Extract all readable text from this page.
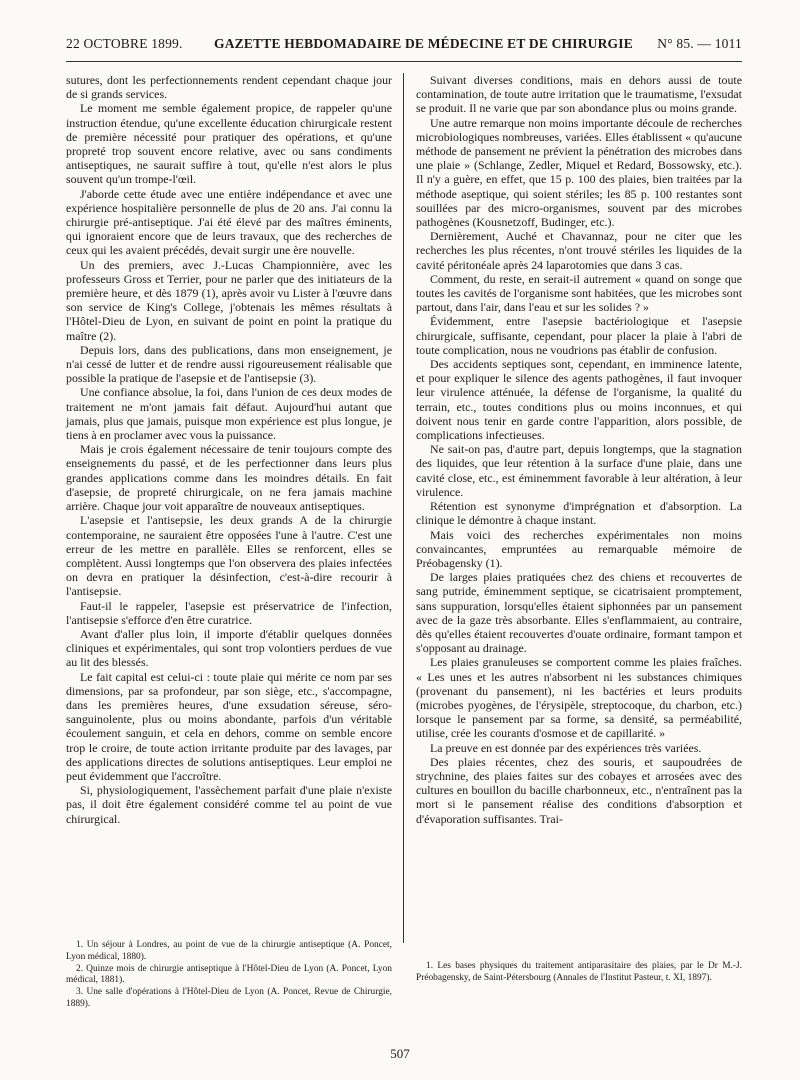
22 OCTOBRE 1899. GAZETTE HEBDOMADAIRE DE MÉDECINE ET DE CHIRURGIE N° 85. — 1011

sutures, dont les perfectionnements rendent cependant chaque jour de si grands services.

Le moment me semble également propice, de rappeler qu'une instruction étendue, qu'une excellente éducation chirurgicale restent de première nécessité pour pratiquer des opérations, et qu'une propreté trop souvent encore relative, avec ou sans condiments antiseptiques, ne saurait suffire à tout, qu'elle n'est alors le plus souvent qu'un trompe-l'œil.

J'aborde cette étude avec une entière indépendance et avec une expérience hospitalière personnelle de plus de 20 ans. J'ai connu la chirurgie pré-antiseptique. J'ai été élevé par des maîtres éminents, qui ignoraient encore que de leurs travaux, que des recherches de ceux qui les avaient précédés, devait surgir une ère nouvelle.

Un des premiers, avec J.-Lucas Championnière, avec les professeurs Gross et Terrier, pour ne parler que des initiateurs de la première heure, et dès 1879 (1), après avoir vu Lister à l'œuvre dans son service de King's College, j'obtenais les mêmes résultats à l'Hôtel-Dieu de Lyon, en suivant de point en point la pratique du maître (2).

Depuis lors, dans des publications, dans mon enseignement, je n'ai cessé de lutter et de rendre aussi rigoureusement réalisable que possible la pratique de l'asepsie et de l'antisepsie (3).

Une confiance absolue, la foi, dans l'union de ces deux modes de traitement ne m'ont jamais fait défaut. Aujourd'hui autant que jamais, plus que jamais, puisque mon expérience est plus longue, je tiens à en proclamer avec vous la puissance.

Mais je crois également nécessaire de tenir toujours compte des enseignements du passé, et de les perfectionner dans leurs plus grandes applications comme dans les moindres détails. En fait d'asepsie, de propreté chirurgicale, on ne fera jamais machine arrière. Chaque jour voit apparaître de nouveaux antiseptiques.

L'asepsie et l'antisepsie, les deux grands A de la chirurgie contemporaine, ne sauraient être opposées l'une à l'autre. C'est une erreur de les mettre en parallèle. Elles se renforcent, elles se complètent. Aussi longtemps que l'on observera des plaies infectées on devra en pratiquer la désinfection, c'est-à-dire recourir à l'antisepsie.

Faut-il le rappeler, l'asepsie est préservatrice de l'infection, l'antisepsie s'efforce d'en être curatrice.

Avant d'aller plus loin, il importe d'établir quelques données cliniques et expérimentales, qui sont trop volontiers perdues de vue au lit des blessés.

Le fait capital est celui-ci : toute plaie qui mérite ce nom par ses dimensions, par sa profondeur, par son siège, etc., s'accompagne, dans les premières heures, d'une exsudation séreuse, séro-sanguinolente, plus ou moins abondante, parfois d'un véritable écoulement sanguin, et cela en dehors, comme on semble encore trop le croire, de toute action irritante produite par des lavages, par des applications directes de solutions antiseptiques. Leur emploi ne peut évidemment que l'accroître.

Si, physiologiquement, l'assèchement parfait d'une plaie n'existe pas, il doit être également considéré comme tel au point de vue chirurgical.

Suivant diverses conditions, mais en dehors aussi de toute contamination, de toute autre irritation que le traumatisme, l'exsudat se produit. Il ne varie que par son abondance plus ou moins grande.

Une autre remarque non moins importante découle de recherches microbiologiques nombreuses, variées. Elles établissent « qu'aucune méthode de pansement ne prévient la pénétration des microbes dans une plaie » (Schlange, Zedler, Miquel et Redard, Bossowsky, etc.). Il n'y a guère, en effet, que 15 p. 100 des plaies, bien traitées par la méthode aseptique, qui soient stériles; les 85 p. 100 restantes sont souillées par des micro-organismes, souvent par des microbes pathogènes (Kousnetzoff, Budinger, etc.).

Dernièrement, Auché et Chavannaz, pour ne citer que les recherches les plus récentes, n'ont trouvé stériles les liquides de la cavité péritonéale après 24 laparotomies que dans 3 cas.

Comment, du reste, en serait-il autrement « quand on songe que toutes les cavités de l'organisme sont habitées, que les microbes sont partout, dans l'air, dans l'eau et sur les solides ? »

Évidemment, entre l'asepsie bactériologique et l'asepsie chirurgicale, suffisante, cependant, pour placer la plaie à l'abri de toute complication, nous ne voudrions pas établir de confusion.

Des accidents septiques sont, cependant, en imminence latente, et pour expliquer le silence des agents pathogènes, il faut invoquer leur virulence atténuée, la défense de l'organisme, la qualité du terrain, etc., toutes conditions plus ou moins inconnues, et qui doivent nous tenir en garde contre l'apparition, alors possible, de complications infectieuses.

Ne sait-on pas, d'autre part, depuis longtemps, que la stagnation des liquides, que leur rétention à la surface d'une plaie, dans une cavité close, etc., est éminemment favorable à leur altération, à leur virulence.

Rétention est synonyme d'imprégnation et d'absorption. La clinique le démontre à chaque instant.

Mais voici des recherches expérimentales non moins convaincantes, empruntées au remarquable mémoire de Préobagensky (1).

De larges plaies pratiquées chez des chiens et recouvertes de sang putride, éminemment septique, se cicatrisaient promptement, sans suppuration, lorsqu'elles étaient siphonnées par un pansement avec de la gaze très absorbante. Elles s'enflammaient, au contraire, dès qu'elles étaient recouvertes d'ouate ordinaire, formant tampon et s'opposant au drainage.

Les plaies granuleuses se comportent comme les plaies fraîches. « Les unes et les autres n'absorbent ni les substances chimiques (provenant du pansement), ni les bactéries et leurs produits (microbes pyogènes, de l'érysipèle, streptocoque, du charbon, etc.) lorsque le pansement par sa forme, sa densité, sa perméabilité, utilise, crée les courants d'osmose et de capillarité. »

La preuve en est donnée par des expériences très variées.

Des plaies récentes, chez des souris, et saupoudrées de strychnine, des plaies faites sur des cobayes et arrosées avec des cultures en bouillon du bacille charbonneux, etc., n'entraînent pas la mort si le pansement réalise des conditions d'absorption et d'évaporation suffisantes. Trai-

1. Un séjour à Londres, au point de vue de la chirurgie antiseptique (A. Poncet, Lyon médical, 1880).

2. Quinze mois de chirurgie antiseptique à l'Hôtel-Dieu de Lyon (A. Poncet, Lyon médical, 1881).

3. Une salle d'opérations à l'Hôtel-Dieu de Lyon (A. Poncet, Revue de Chirurgie, 1889).

1. Les bases physiques du traitement antiparasitaire des plaies, par le Dr M.-J. Préobagensky, de Saint-Pétersbourg (Annales de l'Institut Pasteur, t. XI, 1897).

507
